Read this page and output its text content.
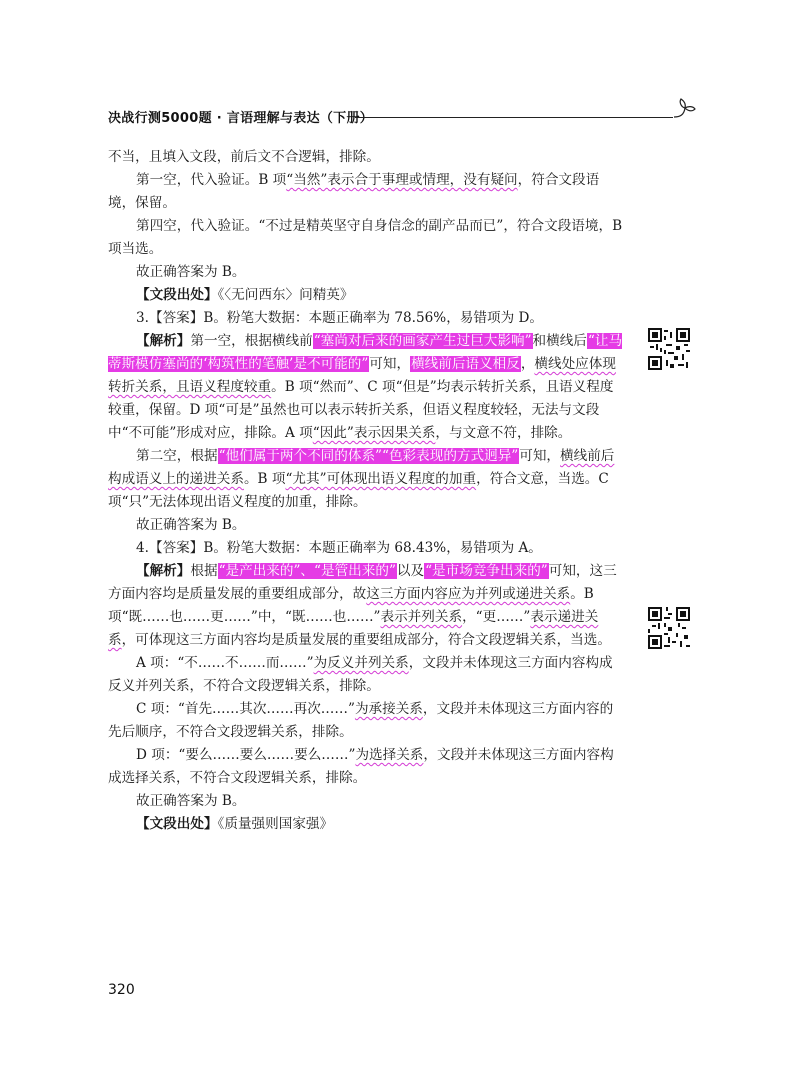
决战行测5000题 · 言语理解与表达（下册）

不当，且填入文段，前后文不合逻辑，排除。

第一空，代入验证。B 项“当然”表示合于事理或情理，没有疑问，符合文段语境，保留。

第四空，代入验证。“不过是精英坚守自身信念的副产品而已”，符合文段语境，B 项当选。

故正确答案为 B。

【文段出处】《〈无问西东〉问精英》

3.【答案】B。粉笔大数据：本题正确率为 78.56%，易错项为 D。

【解析】第一空，根据横线前“塞尚对后来的画家产生过巨大影响”和横线后“让马蒂斯模仿塞尚的‘构筑性的笔触’是不可能的”可知，横线前后语义相反，横线处应体现转折关系，且语义程度较重。B 项“然而”、C 项“但是”均表示转折关系，且语义程度较重，保留。D 项“可是”虽然也可以表示转折关系，但语义程度较轻，无法与文段中“不可能”形成对应，排除。A 项“因此”表示因果关系，与文意不符，排除。

第二空，根据“他们属于两个不同的体系”“色彩表现的方式迥异”可知，横线前后构成语义上的递进关系。B 项“尤其”可体现出语义程度的加重，符合文意，当选。C 项“只”无法体现出语义程度的加重，排除。

故正确答案为 B。

4.【答案】B。粉笔大数据：本题正确率为 68.43%，易错项为 A。

【解析】根据“是产出来的”、“是管出来的”以及“是市场竞争出来的”可知，这三方面内容均是质量发展的重要组成部分，故这三方面内容应为并列或递进关系。B 项“既……也……更……”中，“既……也……”表示并列关系，“更……”表示递进关系，可体现这三方面内容均是质量发展的重要组成部分，符合文段逻辑关系，当选。

A 项：“不……不……而……”为反义并列关系，文段并未体现这三方面内容构成反义并列关系，不符合文段逻辑关系，排除。

C 项：“首先……其次……再次……”为承接关系，文段并未体现这三方面内容的先后顺序，不符合文段逻辑关系，排除。

D 项：“要么……要么……要么……”为选择关系，文段并未体现这三方面内容构成选择关系，不符合文段逻辑关系，排除。

故正确答案为 B。

【文段出处】《质量强则国家强》

320
